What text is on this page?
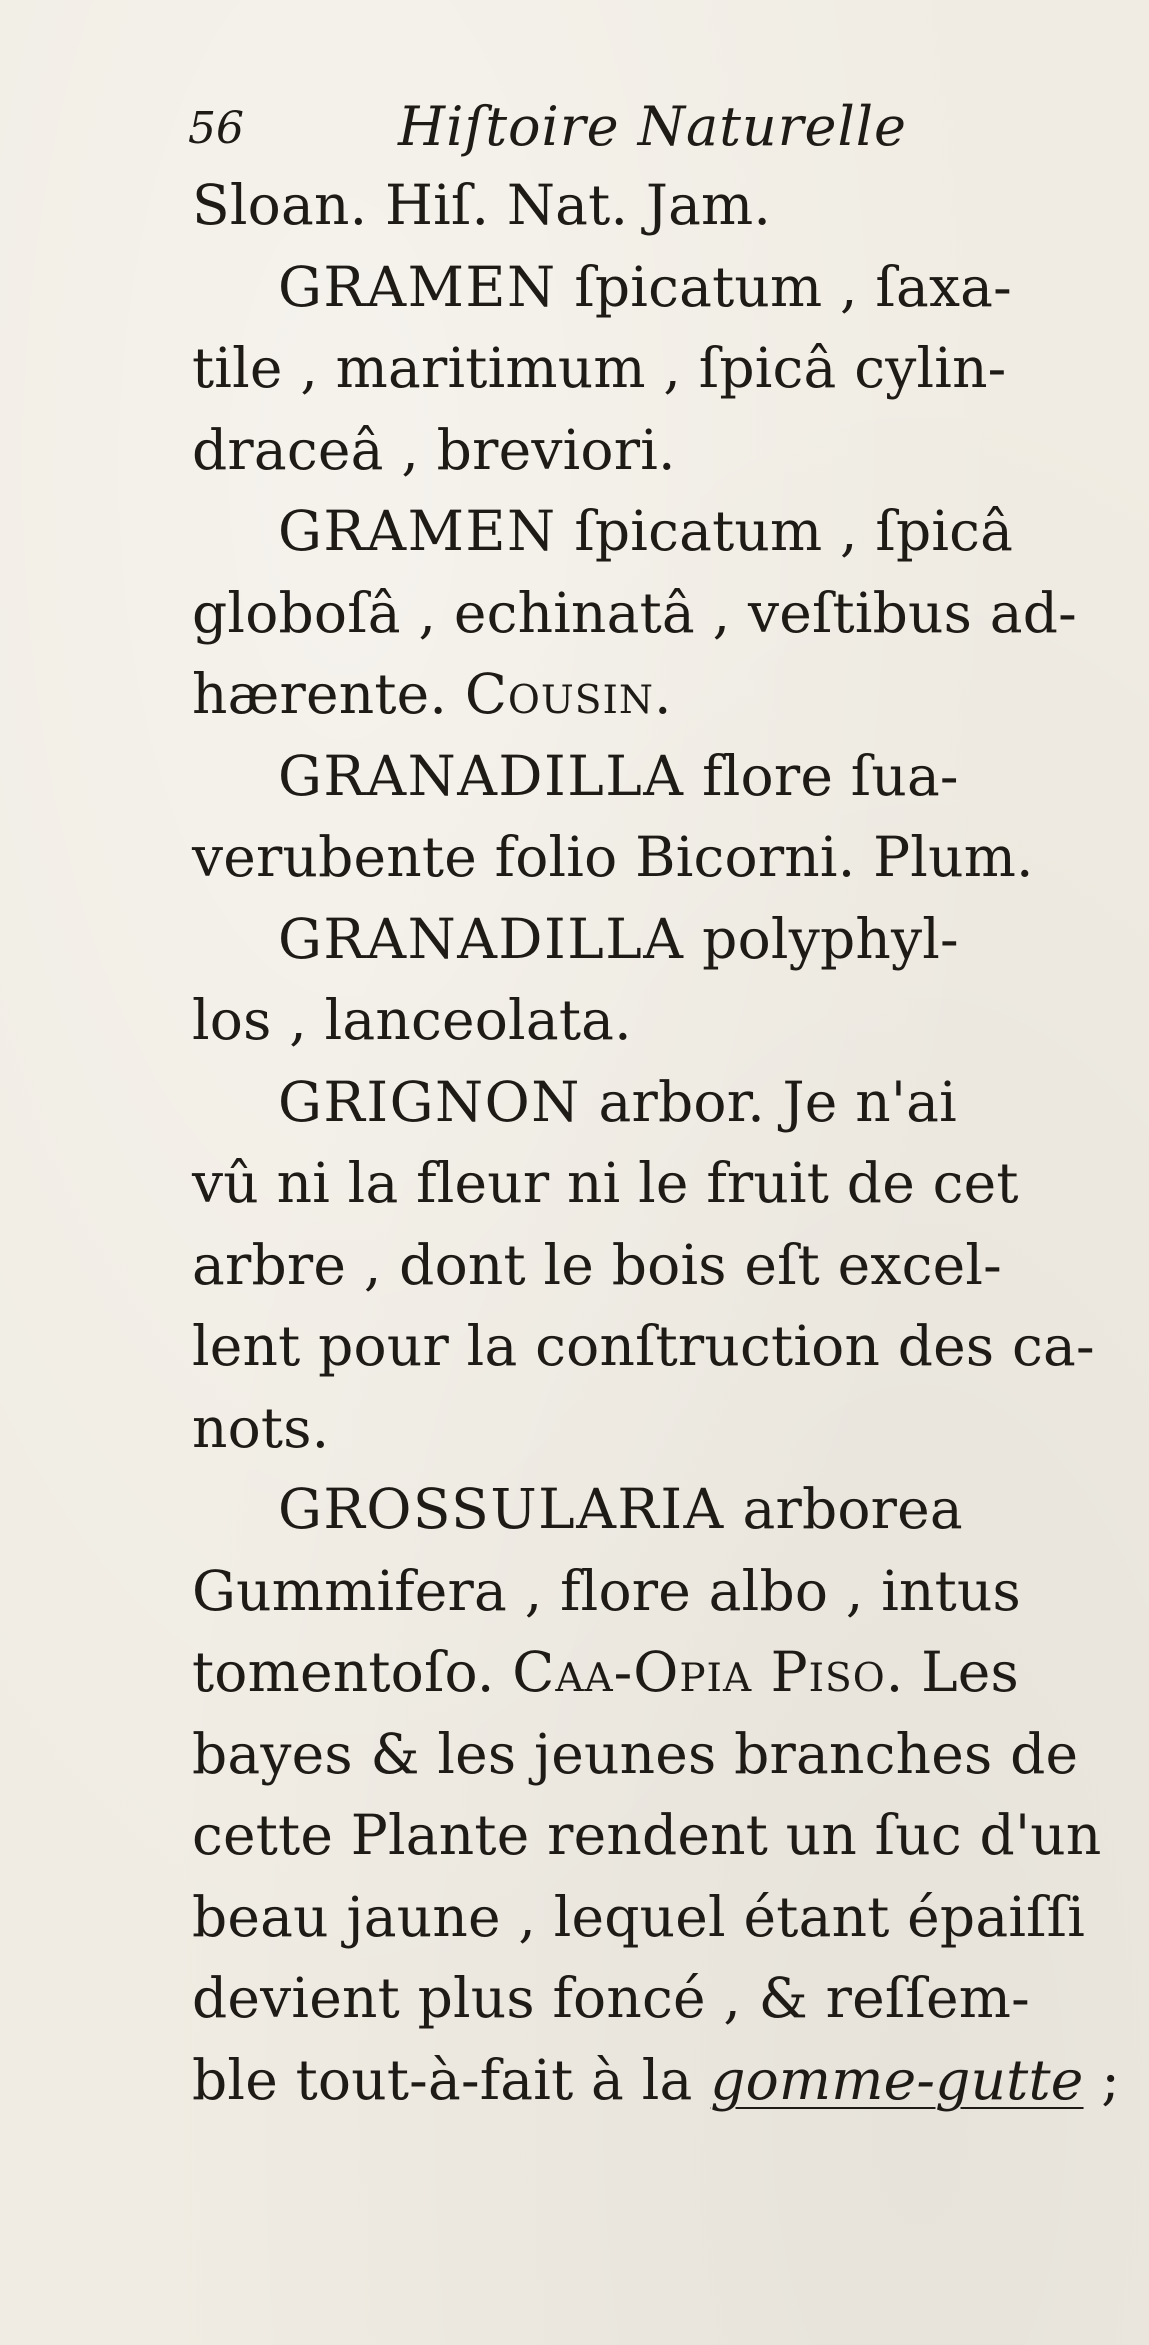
56	Hiſtoire Naturelle
Sloan. Hiſ. Nat. Jam.
GRAMEN ſpicatum , ſaxa-
tile , maritimum , ſpicâ cylin-
draceâ , breviori.
GRAMEN ſpicatum , ſpicâ
globoſâ , echinatâ , veſtibus ad-
hærente. Cousin.
GRANADILLA flore ſua-
verubente folio Bicorni. Plum.
GRANADILLA polyphyl-
los , lanceolata.
GRIGNON arbor. Je n'ai
vû ni la fleur ni le fruit de cet
arbre , dont le bois eſt excel-
lent pour la conſtruction des ca-
nots.
GROSSULARIA arborea
Gummifera , flore albo , intus
tomentoſo. Caa-Opia Piso. Les
bayes & les jeunes branches de
cette Plante rendent un ſuc d'un
beau jaune , lequel étant épaiſſi
devient plus foncé , & reſſem-
ble tout-à-fait à la gomme-gutte ;
